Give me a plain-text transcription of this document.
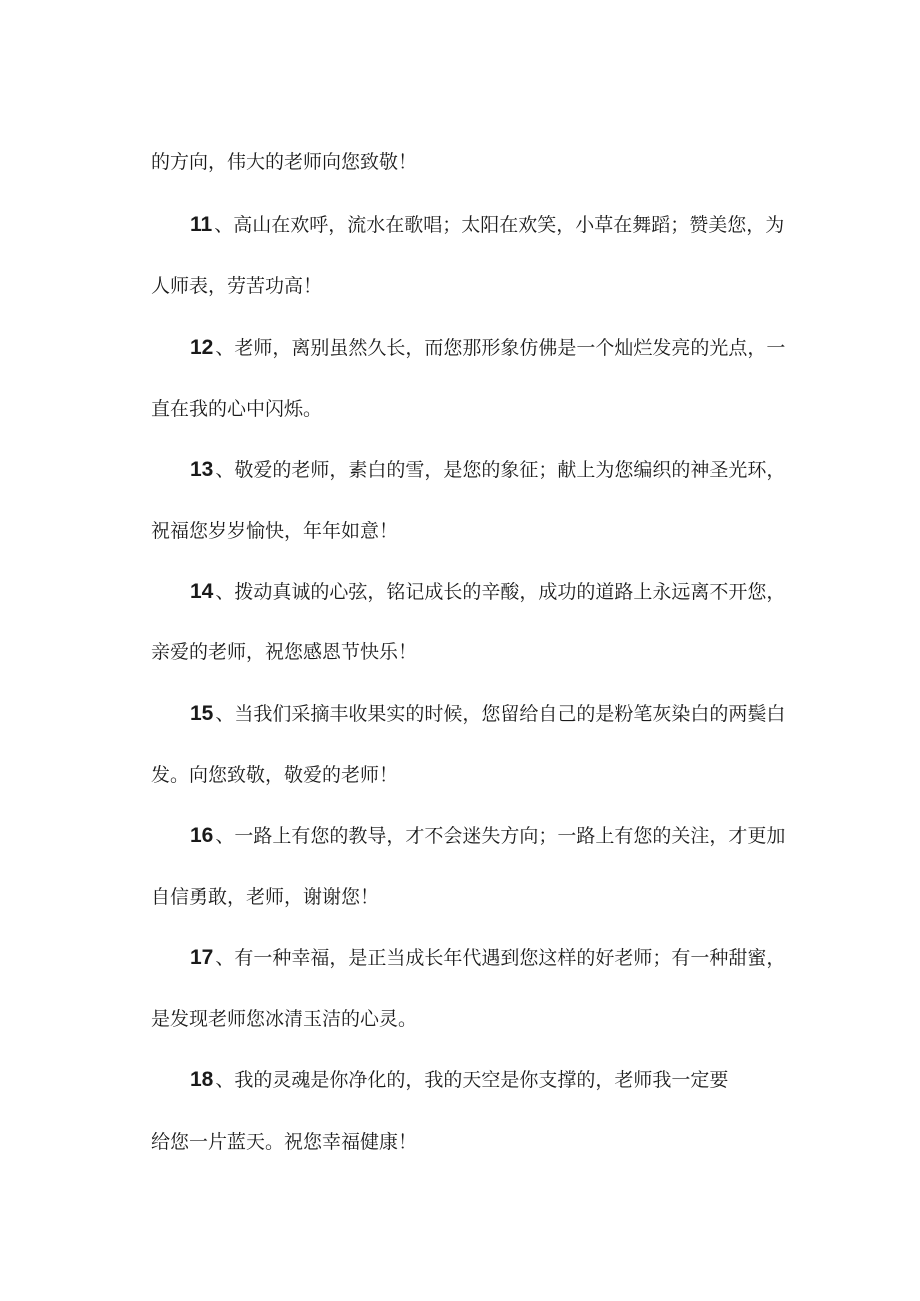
的方向，伟大的老师向您致敬！
11 、高山在欢呼，流水在歌唱；太阳在欢笑，小草在舞蹈；赞美您，为
人师表，劳苦功高！
12 、老师，离别虽然久长，而您那形象仿佛是一个灿烂发亮的光点，一
直在我的心中闪烁。
13 、敬爱的老师，素白的雪，是您的象征；献上为您编织的神圣光环，
祝福您岁岁愉快，年年如意！
14 、拨动真诚的心弦，铭记成长的辛酸，成功的道路上永远离不开您，
亲爱的老师，祝您感恩节快乐！
15 、当我们采摘丰收果实的时候，您留给自己的是粉笔灰染白的两鬓白
发。向您致敬，敬爱的老师！
16 、一路上有您的教导，才不会迷失方向；一路上有您的关注，才更加
自信勇敢，老师，谢谢您！
17 、有一种幸福，是正当成长年代遇到您这样的好老师；有一种甜蜜，
是发现老师您冰清玉洁的心灵。
18 、我的灵魂是你净化的，我的天空是你支撑的，老师我一定要
给您一片蓝天。祝您幸福健康！
